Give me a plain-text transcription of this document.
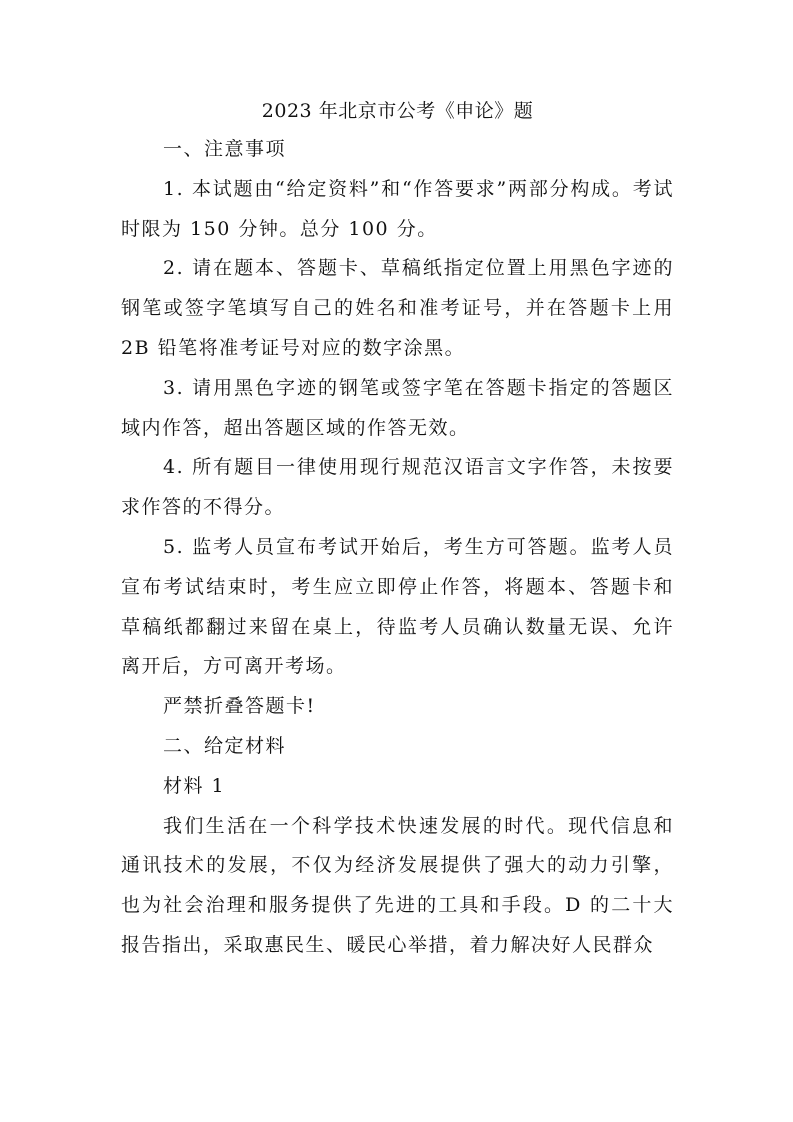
2023 年北京市公考《申论》题

一、注意事项

1. 本试题由“给定资料”和“作答要求”两部分构成。考试时限为 150 分钟。总分 100 分。

2. 请在题本、答题卡、草稿纸指定位置上用黑色字迹的钢笔或签字笔填写自己的姓名和准考证号，并在答题卡上用 2B 铅笔将准考证号对应的数字涂黑。

3. 请用黑色字迹的钢笔或签字笔在答题卡指定的答题区域内作答，超出答题区域的作答无效。

4. 所有题目一律使用现行规范汉语言文字作答，未按要求作答的不得分。

5. 监考人员宣布考试开始后，考生方可答题。监考人员宣布考试结束时，考生应立即停止作答，将题本、答题卡和草稿纸都翻过来留在桌上，待监考人员确认数量无误、允许离开后，方可离开考场。

严禁折叠答题卡!

二、给定材料

材料 1

我们生活在一个科学技术快速发展的时代。现代信息和通讯技术的发展，不仅为经济发展提供了强大的动力引擎，也为社会治理和服务提供了先进的工具和手段。D 的二十大报告指出，采取惠民生、暖民心举措，着力解决好人民群众
